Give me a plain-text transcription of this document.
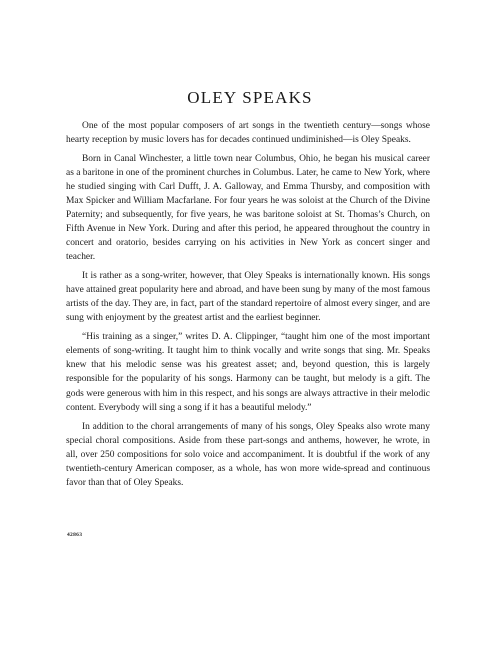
OLEY SPEAKS

One of the most popular composers of art songs in the twentieth century—songs whose hearty reception by music lovers has for decades continued undiminished—is Oley Speaks.

Born in Canal Winchester, a little town near Columbus, Ohio, he began his musical career as a baritone in one of the prominent churches in Columbus. Later, he came to New York, where he studied singing with Carl Dufft, J. A. Galloway, and Emma Thursby, and composition with Max Spicker and William Macfarlane. For four years he was soloist at the Church of the Divine Paternity; and subsequently, for five years, he was baritone soloist at St. Thomas’s Church, on Fifth Avenue in New York. During and after this period, he appeared throughout the country in concert and oratorio, besides carrying on his activities in New York as concert singer and teacher.

It is rather as a song-writer, however, that Oley Speaks is internationally known. His songs have attained great popularity here and abroad, and have been sung by many of the most famous artists of the day. They are, in fact, part of the standard repertoire of almost every singer, and are sung with enjoyment by the greatest artist and the earliest beginner.

“His training as a singer,” writes D. A. Clippinger, “taught him one of the most important elements of song-writing. It taught him to think vocally and write songs that sing. Mr. Speaks knew that his melodic sense was his greatest asset; and, beyond question, this is largely responsible for the popularity of his songs. Harmony can be taught, but melody is a gift. The gods were generous with him in this respect, and his songs are always attractive in their melodic content. Everybody will sing a song if it has a beautiful melody.”

In addition to the choral arrangements of many of his songs, Oley Speaks also wrote many special choral compositions. Aside from these part-songs and anthems, however, he wrote, in all, over 250 compositions for solo voice and accompaniment. It is doubtful if the work of any twentieth-century American composer, as a whole, has won more wide-spread and continuous favor than that of Oley Speaks.

42863
